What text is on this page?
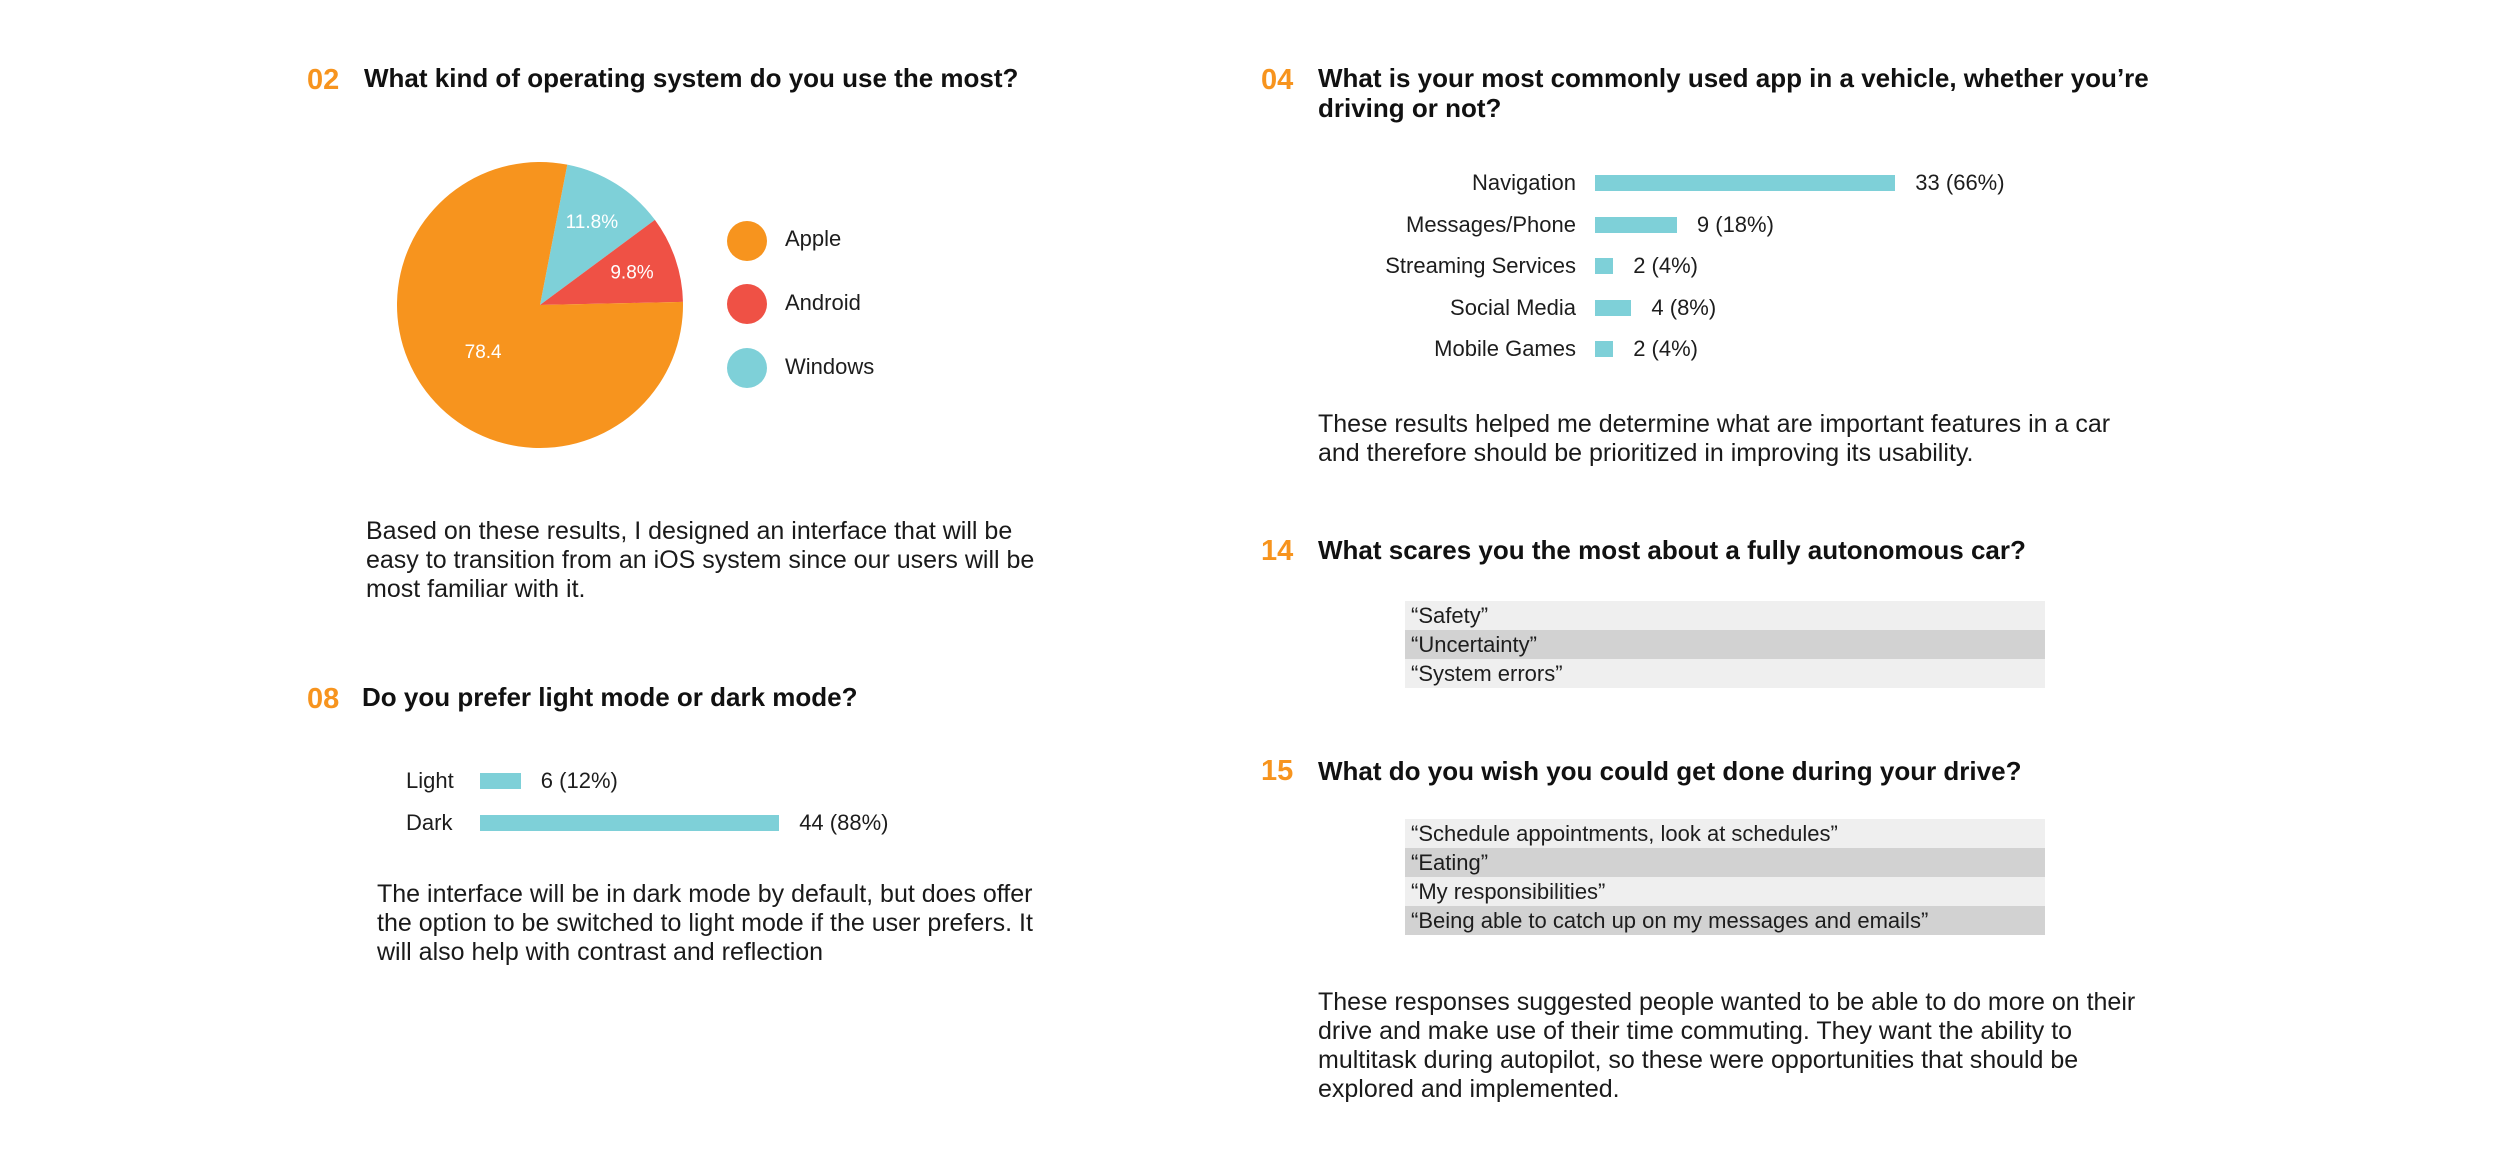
02 What kind of operating system do you use the most?
11.8%
9.8%
78.4
Apple
Android
Windows
Based on these results, I designed an interface that will be easy to transition from an iOS system since our users will be most familiar with it.
08 Do you prefer light mode or dark mode?
Light	6 (12%)
Dark	44 (88%)
The interface will be in dark mode by default, but does offer the option to be switched to light mode if the user prefers. It will also help with contrast and reflection
04 What is your most commonly used app in a vehicle, whether you’re driving or not?
Navigation	33 (66%)
Messages/Phone	9 (18%)
Streaming Services	2 (4%)
Social Media	4 (8%)
Mobile Games	2 (4%)
These results helped me determine what are important features in a car and therefore should be prioritized in improving its usability.
14 What scares you the most about a fully autonomous car?
“Safety”
“Uncertainty”
“System errors”
15 What do you wish you could get done during your drive?
“Schedule appointments, look at schedules”
“Eating”
“My responsibilities”
“Being able to catch up on my messages and emails”
These responses suggested people wanted to be able to do more on their drive and make use of their time commuting. They want the ability to multitask during autopilot, so these were opportunities that should be explored and implemented.
